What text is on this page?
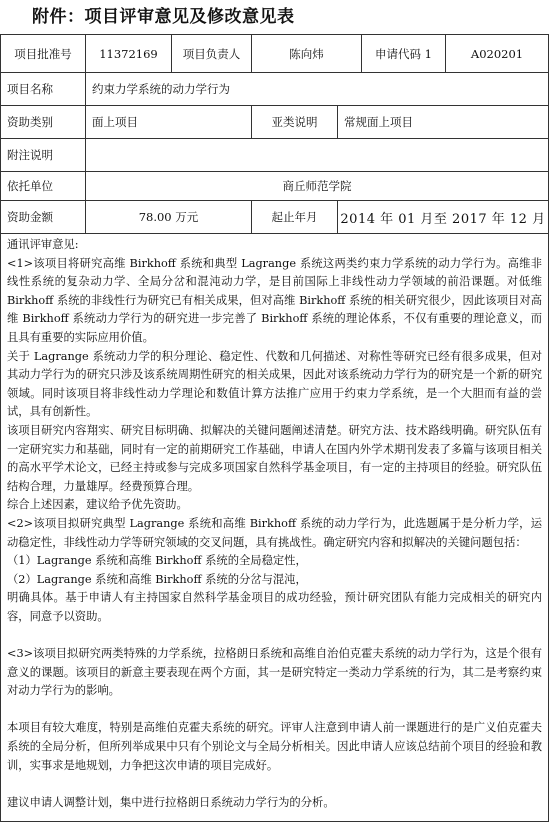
附件：项目评审意见及修改意见表
项目批准号	11372169	项目负责人	陈向炜	申请代码 1	A020201
项目名称	约束力学系统的动力学行为
资助类别	面上项目	亚类说明	常规面上项目
附注说明
依托单位	商丘师范学院
资助金额	78.00 万元	起止年月	2014 年 01 月至 2017 年 12 月

通讯评审意见:

<1>该项目将研究高维 Birkhoff 系统和典型 Lagrange 系统这两类约束力学系统的动力学行为。高维非线性系统的复杂动力学、全局分岔和混沌动力学，是目前国际上非线性动力学领域的前沿课题。对低维 Birkhoff 系统的非线性行为研究已有相关成果，但对高维 Birkhoff 系统的相关研究很少，因此该项目对高维 Birkhoff 系统动力学行为的研究进一步完善了 Birkhoff 系统的理论体系，不仅有重要的理论意义，而且具有重要的实际应用价值。

关于 Lagrange 系统动力学的积分理论、稳定性、代数和几何描述、对称性等研究已经有很多成果，但对其动力学行为的研究只涉及该系统周期性研究的相关成果，因此对该系统动力学行为的研究是一个新的研究领域。同时该项目将非线性动力学理论和数值计算方法推广应用于约束力学系统，是一个大胆而有益的尝试，具有创新性。

该项目研究内容翔实、研究目标明确、拟解决的关键问题阐述清楚。研究方法、技术路线明确。研究队伍有一定研究实力和基础，同时有一定的前期研究工作基础，申请人在国内外学术期刊发表了多篇与该项目相关的高水平学术论文，已经主持或参与完成多项国家自然科学基金项目，有一定的主持项目的经验。研究队伍结构合理，力量雄厚。经费预算合理。

综合上述因素，建议给予优先资助。

<2>该项目拟研究典型 Lagrange 系统和高维 Birkhoff 系统的动力学行为，此选题属于是分析力学，运动稳定性，非线性动力学等研究领域的交叉问题，具有挑战性。确定研究内容和拟解决的关键问题包括：

（1）Lagrange 系统和高维 Birkhoff 系统的全局稳定性，

（2）Lagrange 系统和高维 Birkhoff 系统的分岔与混沌，

明确具体。基于申请人有主持国家自然科学基金项目的成功经验，预计研究团队有能力完成相关的研究内容，同意予以资助。

<3>该项目拟研究两类特殊的力学系统，拉格朗日系统和高维自治伯克霍夫系统的动力学行为，这是个很有意义的课题。该项目的新意主要表现在两个方面，其一是研究特定一类动力学系统的行为，其二是考察约束对动力学行为的影响。

本项目有较大难度，特别是高维伯克霍夫系统的研究。评审人注意到申请人前一课题进行的是广义伯克霍夫系统的全局分析，但所列举成果中只有个别论文与全局分析相关。因此申请人应该总结前个项目的经验和教训，实事求是地规划，力争把这次申请的项目完成好。

建议申请人调整计划，集中进行拉格朗日系统动力学行为的分析。
